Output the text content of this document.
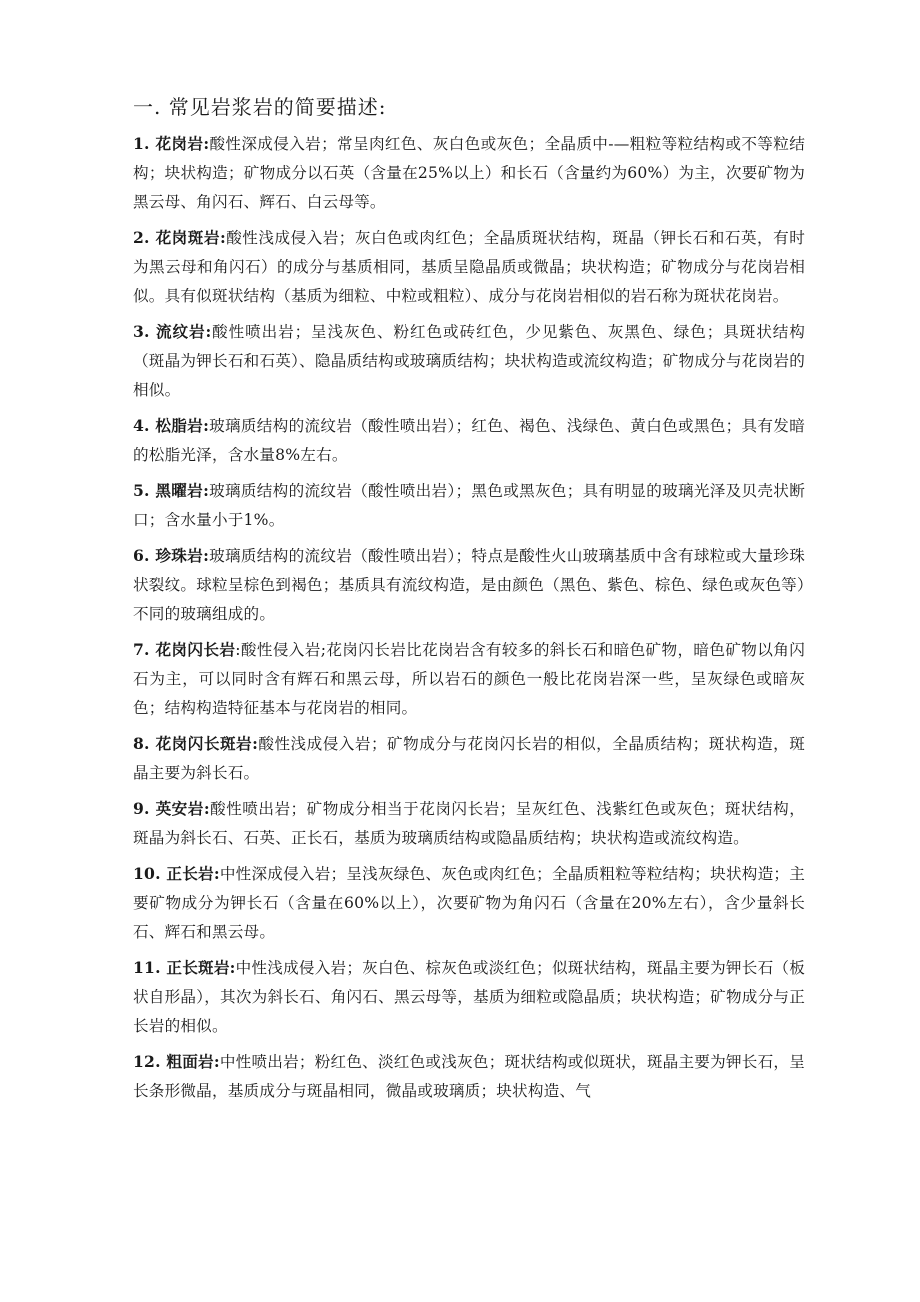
一. 常见岩浆岩的简要描述:

1. 花岗岩:酸性深成侵入岩；常呈肉红色、灰白色或灰色；全晶质中-—粗粒等粒结构或不等粒结构；块状构造；矿物成分以石英（含量在25%以上）和长石（含量约为60%）为主，次要矿物为黑云母、角闪石、辉石、白云母等。

2. 花岗斑岩:酸性浅成侵入岩；灰白色或肉红色；全晶质斑状结构，斑晶（钾长石和石英，有时为黑云母和角闪石）的成分与基质相同，基质呈隐晶质或微晶；块状构造；矿物成分与花岗岩相似。具有似斑状结构（基质为细粒、中粒或粗粒）、成分与花岗岩相似的岩石称为斑状花岗岩。

3. 流纹岩:酸性喷出岩；呈浅灰色、粉红色或砖红色，少见紫色、灰黑色、绿色；具斑状结构（斑晶为钾长石和石英）、隐晶质结构或玻璃质结构；块状构造或流纹构造；矿物成分与花岗岩的相似。

4. 松脂岩:玻璃质结构的流纹岩（酸性喷出岩）；红色、褐色、浅绿色、黄白色或黑色；具有发暗的松脂光泽，含水量8%左右。

5. 黑曜岩:玻璃质结构的流纹岩（酸性喷出岩）；黑色或黑灰色；具有明显的玻璃光泽及贝壳状断口；含水量小于1%。

6. 珍珠岩:玻璃质结构的流纹岩（酸性喷出岩）；特点是酸性火山玻璃基质中含有球粒或大量珍珠状裂纹。球粒呈棕色到褐色；基质具有流纹构造，是由颜色（黑色、紫色、棕色、绿色或灰色等）不同的玻璃组成的。

7. 花岗闪长岩:酸性侵入岩;花岗闪长岩比花岗岩含有较多的斜长石和暗色矿物，暗色矿物以角闪石为主，可以同时含有辉石和黑云母，所以岩石的颜色一般比花岗岩深一些，呈灰绿色或暗灰色；结构构造特征基本与花岗岩的相同。

8. 花岗闪长斑岩:酸性浅成侵入岩；矿物成分与花岗闪长岩的相似，全晶质结构；斑状构造，斑晶主要为斜长石。

9. 英安岩:酸性喷出岩；矿物成分相当于花岗闪长岩；呈灰红色、浅紫红色或灰色；斑状结构，斑晶为斜长石、石英、正长石，基质为玻璃质结构或隐晶质结构；块状构造或流纹构造。

10. 正长岩:中性深成侵入岩；呈浅灰绿色、灰色或肉红色；全晶质粗粒等粒结构；块状构造；主要矿物成分为钾长石（含量在60%以上），次要矿物为角闪石（含量在20%左右），含少量斜长石、辉石和黑云母。

11. 正长斑岩:中性浅成侵入岩；灰白色、棕灰色或淡红色；似斑状结构，斑晶主要为钾长石（板状自形晶），其次为斜长石、角闪石、黑云母等，基质为细粒或隐晶质；块状构造；矿物成分与正长岩的相似。

12. 粗面岩:中性喷出岩；粉红色、淡红色或浅灰色；斑状结构或似斑状，斑晶主要为钾长石，呈长条形微晶，基质成分与斑晶相同，微晶或玻璃质；块状构造、气
